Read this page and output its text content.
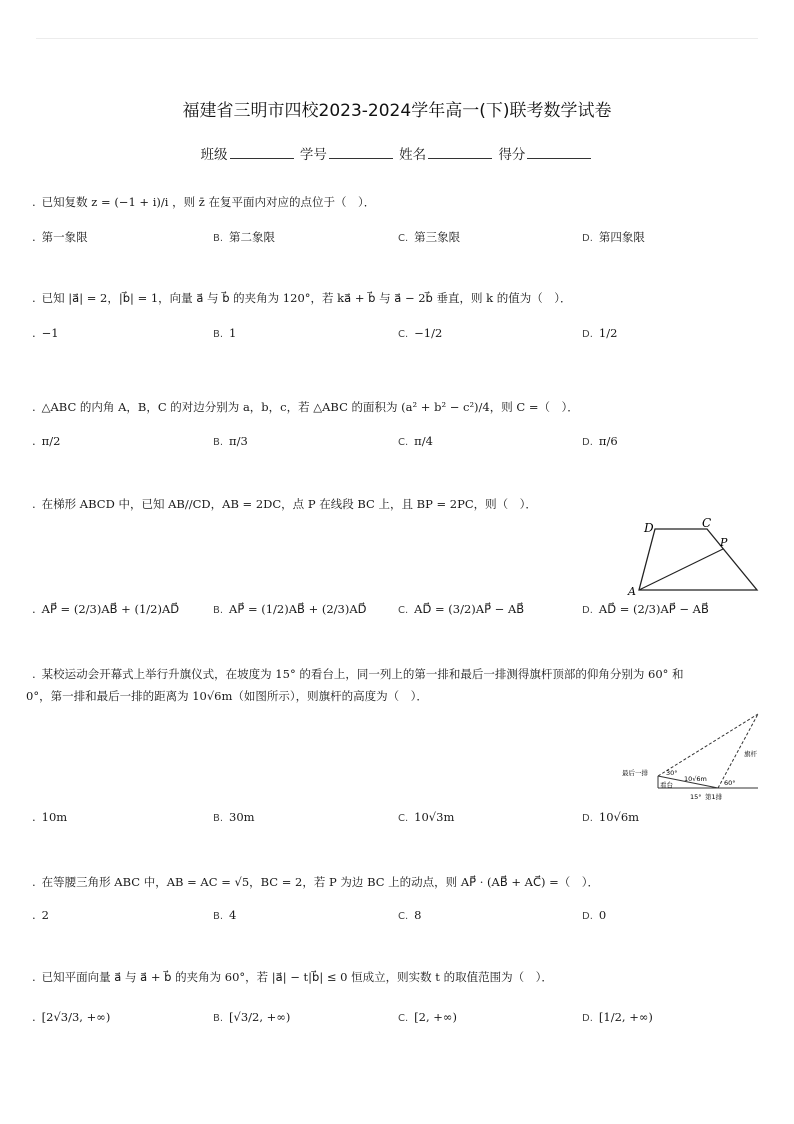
福建省三明市四校2023-2024学年高一(下)联考数学试卷
班级	学号	姓名	得分
. 已知复数 z = (−1 + i)/i ，则 z̄ 在复平面内对应的点位于（　）．
. 第一象限	B. 第二象限	C. 第三象限	D. 第四象限
. 已知 |a⃗| = 2，|b⃗| = 1，向量 a⃗ 与 b⃗ 的夹角为 120°，若 ka⃗ + b⃗ 与 a⃗ − 2b⃗ 垂直，则 k 的值为（　）．
. −1	B. 1	C. −1/2	D. 1/2
. △ABC 的内角 A，B，C 的对边分别为 a，b，c，若 △ABC 的面积为 (a² + b² − c²)/4，则 C =（　）．
. π/2	B. π/3	C. π/4	D. π/6
. 在梯形 ABCD 中，已知 AB//CD，AB = 2DC，点 P 在线段 BC 上，且 BP = 2PC，则（　）．
D	C
P
A
. AP⃗ = (2/3)AB⃗ + (1/2)AD⃗	B. AP⃗ = (1/2)AB⃗ + (2/3)AD⃗	C. AD⃗ = (3/2)AP⃗ − AB⃗	D. AD⃗ = (2/3)AP⃗ − AB⃗
. 某校运动会开幕式上举行升旗仪式，在坡度为 15° 的看台上，同一列上的第一排和最后一排测得旗杆顶部的仰角分别为 60° 和
0°，第一排和最后一排的距离为 10√6m（如图所示），则旗杆的高度为（　）．
最后一排	30°
10√6m	60°
看台
15° 第1排
旗杆
. 10m	B. 30m	C. 10√3m	D. 10√6m
. 在等腰三角形 ABC 中，AB = AC = √5，BC = 2，若 P 为边 BC 上的动点，则 AP⃗ · (AB⃗ + AC⃗) =（　）．
. 2	B. 4	C. 8	D. 0
. 已知平面向量 a⃗ 与 a⃗ + b⃗ 的夹角为 60°，若 |a⃗| − t|b⃗| ≤ 0 恒成立，则实数 t 的取值范围为（　）．
. [2√3/3, +∞)	B. [√3/2, +∞)	C. [2, +∞)	D. [1/2, +∞)
